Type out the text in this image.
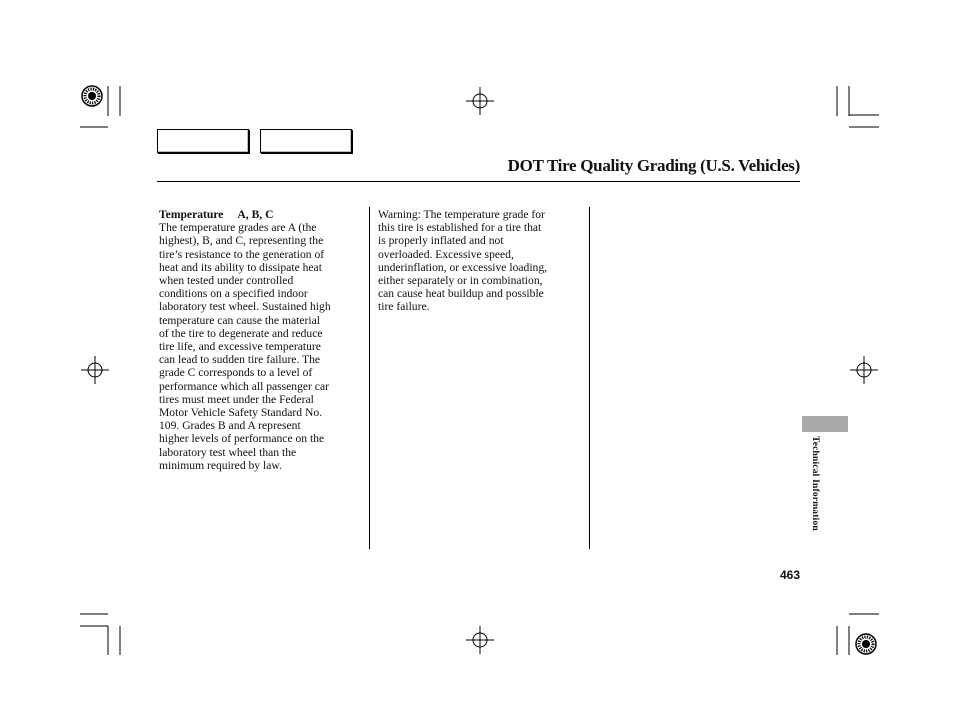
DOT Tire Quality Grading (U.S. Vehicles)
Temperature A, B, C
The temperature grades are A (the
highest), B, and C, representing the
tire’s resistance to the generation of
heat and its ability to dissipate heat
when tested under controlled
conditions on a specified indoor
laboratory test wheel. Sustained high
temperature can cause the material
of the tire to degenerate and reduce
tire life, and excessive temperature
can lead to sudden tire failure. The
grade C corresponds to a level of
performance which all passenger car
tires must meet under the Federal
Motor Vehicle Safety Standard No.
109. Grades B and A represent
higher levels of performance on the
laboratory test wheel than the
minimum required by law.
Warning: The temperature grade for
this tire is established for a tire that
is properly inflated and not
overloaded. Excessive speed,
underinflation, or excessive loading,
either separately or in combination,
can cause heat buildup and possible
tire failure.
Technical Information
463
